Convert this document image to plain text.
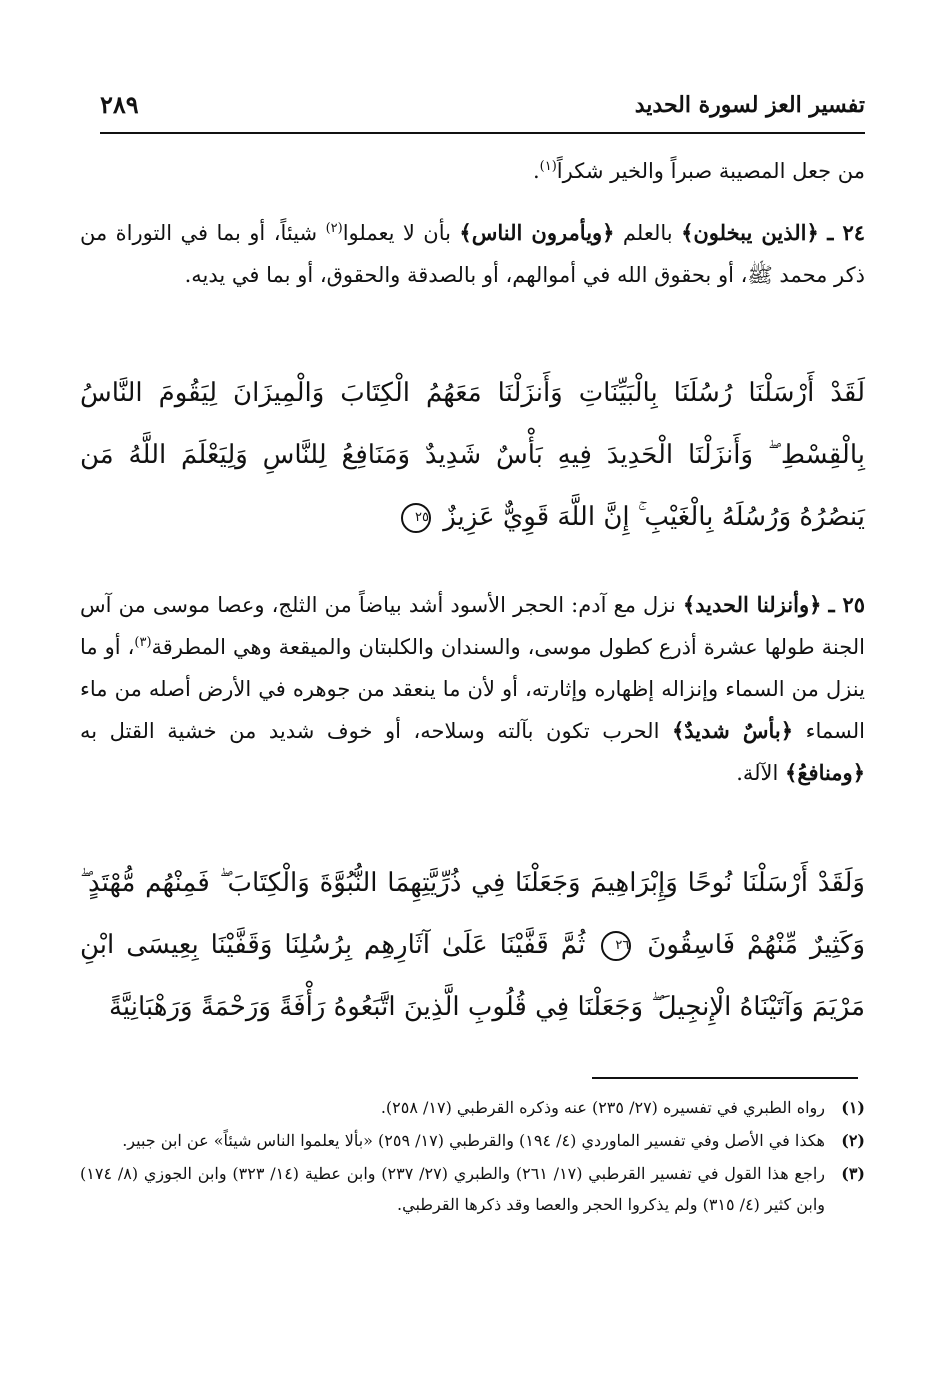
تفسير العز لسورة الحديد
٢٨٩
من جعل المصيبة صبراً والخير شكراً$^{(١)}$.
٢٤ ـ ﴿الذين يبخلون﴾ بالعلم ﴿ويأمرون الناس﴾ بأن لا يعملوا$^{(٢)}$ شيئاً، أو بما في التوراة من ذكر محمد ﷺ، أو بحقوق الله في أموالهم، أو بالصدقة والحقوق، أو بما في يديه.
لَقَدْ أَرْسَلْنَا رُسُلَنَا بِالْبَيِّنَاتِ وَأَنزَلْنَا مَعَهُمُ الْكِتَابَ وَالْمِيزَانَ لِيَقُومَ النَّاسُ بِالْقِسْطِ ۖ وَأَنزَلْنَا الْحَدِيدَ فِيهِ بَأْسٌ شَدِيدٌ وَمَنَافِعُ لِلنَّاسِ وَلِيَعْلَمَ اللَّهُ مَن يَنصُرُهُ وَرُسُلَهُ بِالْغَيْبِ ۚ إِنَّ اللَّهَ قَوِيٌّ عَزِيزٌ ٢٥
٢٥ ـ ﴿وأنزلنا الحديد﴾ نزل مع آدم: الحجر الأسود أشد بياضاً من الثلج، وعصا موسى من آس الجنة طولها عشرة أذرع كطول موسى، والسندان والكلبتان والميقعة وهي المطرقة$^{(٣)}$، أو ما ينزل من السماء وإنزاله إظهاره وإثارته، أو لأن ما ينعقد من جوهره في الأرض أصله من ماء السماء ﴿بأسٌ شديدٌ﴾ الحرب تكون بآلته وسلاحه، أو خوف شديد من خشية القتل به ﴿ومنافعُ﴾ الآلة.
وَلَقَدْ أَرْسَلْنَا نُوحًا وَإِبْرَاهِيمَ وَجَعَلْنَا فِي ذُرِّيَّتِهِمَا النُّبُوَّةَ وَالْكِتَابَ ۖ فَمِنْهُم مُّهْتَدٍ ۖ وَكَثِيرٌ مِّنْهُمْ فَاسِقُونَ ٢٦ ثُمَّ قَفَّيْنَا عَلَىٰ آثَارِهِم بِرُسُلِنَا وَقَفَّيْنَا بِعِيسَى ابْنِ مَرْيَمَ وَآتَيْنَاهُ الْإِنجِيلَ ۖ وَجَعَلْنَا فِي قُلُوبِ الَّذِينَ اتَّبَعُوهُ رَأْفَةً وَرَحْمَةً وَرَهْبَانِيَّةً
(١)
رواه الطبري في تفسيره (٢٧/ ٢٣٥) عنه وذكره القرطبي (١٧/ ٢٥٨).
(٢)
هكذا في الأصل وفي تفسير الماوردي (٤/ ١٩٤) والقرطبي (١٧/ ٢٥٩) «بألا يعلموا الناس شيئاً» عن ابن جبير.
(٣)
راجع هذا القول في تفسير القرطبي (١٧/ ٢٦١) والطبري (٢٧/ ٢٣٧) وابن عطية (١٤/ ٣٢٣) وابن الجوزي (٨/ ١٧٤) وابن كثير (٤/ ٣١٥) ولم يذكروا الحجر والعصا وقد ذكرها القرطبي.
